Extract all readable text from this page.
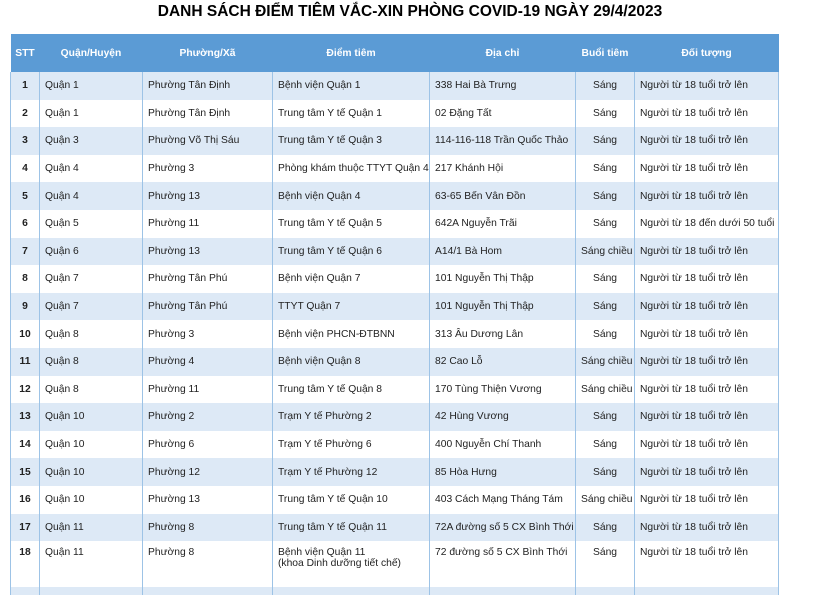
DANH SÁCH ĐIỂM TIÊM VẮC-XIN PHÒNG COVID-19 NGÀY 29/4/2023
STT	Quận/Huyện	Phường/Xã	Điểm tiêm	Địa chỉ	Buổi tiêm	Đối tượng
1	Quận 1	Phường Tân Định	Bệnh viện Quận 1	338 Hai Bà Trưng	Sáng	Người từ 18 tuổi trở lên
2	Quận 1	Phường Tân Định	Trung tâm Y tế Quận 1	02 Đặng Tất	Sáng	Người từ 18 tuổi trở lên
3	Quận 3	Phường Võ Thị Sáu	Trung tâm Y tế Quận 3	114-116-118 Trần Quốc Thảo	Sáng	Người từ 18 tuổi trở lên
4	Quận 4	Phường 3	Phòng khám thuộc TTYT Quận 4	217 Khánh Hội	Sáng	Người từ 18 tuổi trở lên
5	Quận 4	Phường 13	Bệnh viện Quận 4	63-65 Bến Vân Đồn	Sáng	Người từ 18 tuổi trở lên
6	Quận 5	Phường 11	Trung tâm Y tế Quận 5	642A Nguyễn Trãi	Sáng	Người từ 18 đến dưới 50 tuổi
7	Quận 6	Phường 13	Trung tâm Y tế Quận 6	A14/1 Bà Hom	Sáng chiều	Người từ 18 tuổi trở lên
8	Quận 7	Phường Tân Phú	Bệnh viện Quận 7	101 Nguyễn Thị Thập	Sáng	Người từ 18 tuổi trở lên
9	Quận 7	Phường Tân Phú	TTYT Quận 7	101 Nguyễn Thị Thập	Sáng	Người từ 18 tuổi trở lên
10	Quận 8	Phường 3	Bệnh viện PHCN-ĐTBNN	313 Âu Dương Lân	Sáng	Người từ 18 tuổi trở lên
11	Quận 8	Phường 4	Bệnh viện Quận 8	82 Cao Lỗ	Sáng chiều	Người từ 18 tuổi trở lên
12	Quận 8	Phường 11	Trung tâm Y tế Quận 8	170 Tùng Thiện Vương	Sáng chiều	Người từ 18 tuổi trở lên
13	Quận 10	Phường 2	Trạm Y tế Phường 2	42 Hùng Vương	Sáng	Người từ 18 tuổi trở lên
14	Quận 10	Phường 6	Trạm Y tế Phường 6	400 Nguyễn Chí Thanh	Sáng	Người từ 18 tuổi trở lên
15	Quận 10	Phường 12	Trạm Y tế Phường 12	85 Hòa Hưng	Sáng	Người từ 18 tuổi trở lên
16	Quận 10	Phường 13	Trung tâm Y tế Quận 10	403 Cách Mạng Tháng Tám	Sáng chiều	Người từ 18 tuổi trở lên
17	Quận 11	Phường 8	Trung tâm Y tế Quận 11	72A đường số 5 CX Bình Thới	Sáng	Người từ 18 tuổi trở lên
18	Quận 11	Phường 8	Bệnh viện Quận 11
(khoa Dinh dưỡng tiết chế)	72 đường số 5 CX Bình Thới	Sáng	Người từ 18 tuổi trở lên
